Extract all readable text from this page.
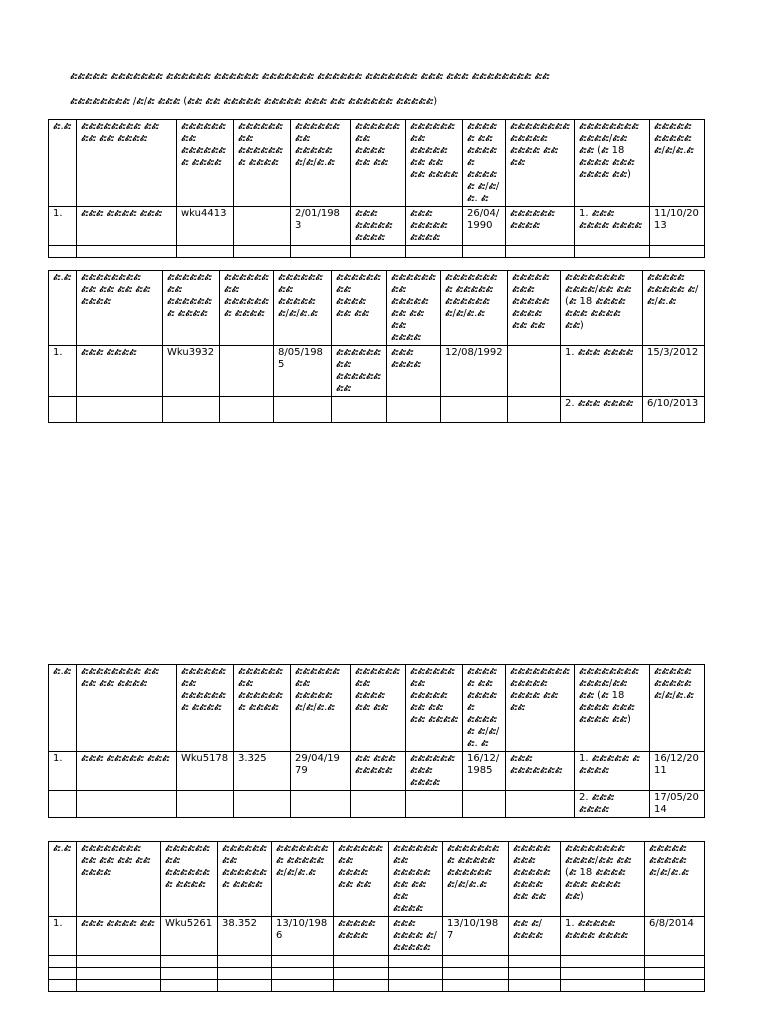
ᎈᎈᎈᎈᎈ ᎈᎈᎈᎈᎈᎈᎈ ᎈᎈᎈᎈᎈᎈ ᎈᎈᎈᎈᎈᎈ ᎈᎈᎈᎈᎈᎈᎈ ᎈᎈᎈᎈᎈᎈ ᎈᎈᎈᎈᎈᎈᎈ ᎈᎈᎈ ᎈᎈᎈ ᎈᎈᎈᎈᎈᎈᎈᎈ ᎈᎈ
ᎈᎈᎈᎈᎈᎈᎈᎈ /ᎈ/ᎈ ᎈᎈᎈ (ᎈᎈ ᎈᎈ ᎈᎈᎈᎈᎈ ᎈᎈᎈᎈᎈ ᎈᎈᎈ ᎈᎈ ᎈᎈᎈᎈᎈᎈ ᎈᎈᎈᎈᎈ)
ᎈ.ᎈ	ᎈᎈᎈᎈᎈᎈᎈᎈ ᎈᎈ ᎈᎈ ᎈᎈ ᎈᎈᎈᎈ	ᎈᎈᎈᎈᎈᎈᎈᎈ ᎈᎈᎈᎈᎈᎈᎈ ᎈᎈᎈᎈ	ᎈᎈᎈᎈᎈᎈᎈᎈ ᎈᎈᎈᎈᎈᎈᎈ ᎈᎈᎈᎈ	ᎈᎈᎈᎈᎈᎈᎈᎈ ᎈᎈᎈᎈᎈ ᎈ/ᎈ/ᎈ.ᎈ	ᎈᎈᎈᎈᎈᎈᎈᎈ ᎈᎈᎈᎈ ᎈᎈ ᎈᎈ	ᎈᎈᎈᎈᎈᎈᎈᎈ ᎈᎈᎈᎈᎈ ᎈᎈ ᎈᎈ ᎈᎈ ᎈᎈᎈᎈ	ᎈᎈᎈᎈᎈ ᎈᎈ ᎈᎈᎈᎈᎈ ᎈᎈᎈᎈᎈ ᎈ/ᎈ/ᎈ. ᎈ	ᎈᎈᎈᎈᎈᎈᎈᎈ ᎈᎈᎈᎈᎈ ᎈᎈᎈᎈ ᎈᎈ ᎈᎈ	ᎈᎈᎈᎈᎈᎈᎈᎈ ᎈᎈᎈᎈ/ᎈᎈ ᎈᎈ (ᎈ 18 ᎈᎈᎈᎈ ᎈᎈᎈ ᎈᎈᎈᎈ ᎈᎈ)	ᎈᎈᎈᎈᎈ ᎈᎈᎈᎈᎈ ᎈ/ᎈ/ᎈ.ᎈ
1.	ᎈᎈᎈ ᎈᎈᎈᎈ ᎈᎈᎈ	wku4413		2/01/1983	ᎈᎈᎈ ᎈᎈᎈᎈᎈ ᎈᎈᎈᎈ	ᎈᎈᎈ ᎈᎈᎈᎈᎈ ᎈᎈᎈᎈ	26/04/1990	ᎈᎈᎈᎈᎈᎈ ᎈᎈᎈᎈ	1. ᎈᎈᎈ ᎈᎈᎈᎈ ᎈᎈᎈᎈ	11/10/2013

ᎈ.ᎈ	ᎈᎈᎈᎈᎈᎈᎈᎈ ᎈᎈ ᎈᎈ ᎈᎈ ᎈᎈ ᎈᎈᎈᎈ	ᎈᎈᎈᎈᎈᎈᎈᎈ ᎈᎈᎈᎈᎈᎈᎈ ᎈᎈᎈᎈ	ᎈᎈᎈᎈᎈᎈᎈᎈ ᎈᎈᎈᎈᎈᎈᎈ ᎈᎈᎈᎈ	ᎈᎈᎈᎈᎈᎈᎈᎈ ᎈᎈᎈᎈᎈ ᎈ/ᎈ/ᎈ.ᎈ	ᎈᎈᎈᎈᎈᎈᎈᎈ ᎈᎈᎈᎈ ᎈᎈ ᎈᎈ	ᎈᎈᎈᎈᎈᎈᎈᎈ ᎈᎈᎈᎈᎈ ᎈᎈ ᎈᎈ ᎈᎈ ᎈᎈᎈᎈ	ᎈᎈᎈᎈᎈᎈᎈᎈ ᎈᎈᎈᎈᎈ ᎈᎈᎈᎈᎈᎈ ᎈ/ᎈ/ᎈ.ᎈ	ᎈᎈᎈᎈᎈᎈᎈᎈ ᎈᎈᎈᎈᎈ ᎈᎈᎈᎈ ᎈᎈ ᎈᎈ	ᎈᎈᎈᎈᎈᎈᎈᎈ ᎈᎈᎈᎈ/ᎈᎈ ᎈᎈ (ᎈ 18 ᎈᎈᎈᎈ ᎈᎈᎈ ᎈᎈᎈᎈ ᎈᎈ)	ᎈᎈᎈᎈᎈ ᎈᎈᎈᎈᎈ ᎈ/ᎈ/ᎈ.ᎈ
1.	ᎈᎈᎈ ᎈᎈᎈᎈ	Wku3932		8/05/1985	ᎈᎈᎈᎈᎈᎈᎈᎈ ᎈᎈᎈᎈᎈᎈᎈᎈ	ᎈᎈᎈ ᎈᎈᎈᎈ	12/08/1992		1. ᎈᎈᎈ ᎈᎈᎈᎈ	15/3/2012
									2. ᎈᎈᎈ ᎈᎈᎈᎈ	6/10/2013
ᎈ.ᎈ	ᎈᎈᎈᎈᎈᎈᎈᎈ ᎈᎈ ᎈᎈ ᎈᎈ ᎈᎈᎈᎈ	ᎈᎈᎈᎈᎈᎈᎈᎈ ᎈᎈᎈᎈᎈᎈᎈ ᎈᎈᎈᎈ	ᎈᎈᎈᎈᎈᎈᎈᎈ ᎈᎈᎈᎈᎈᎈᎈ ᎈᎈᎈᎈ	ᎈᎈᎈᎈᎈᎈᎈᎈ ᎈᎈᎈᎈᎈ ᎈ/ᎈ/ᎈ.ᎈ	ᎈᎈᎈᎈᎈᎈᎈᎈ ᎈᎈᎈᎈ ᎈᎈ ᎈᎈ	ᎈᎈᎈᎈᎈᎈᎈᎈ ᎈᎈᎈᎈᎈ ᎈᎈ ᎈᎈ ᎈᎈ ᎈᎈᎈᎈ	ᎈᎈᎈᎈᎈ ᎈᎈ ᎈᎈᎈᎈᎈ ᎈᎈᎈᎈᎈ ᎈ/ᎈ/ᎈ. ᎈ	ᎈᎈᎈᎈᎈᎈᎈᎈ ᎈᎈᎈᎈᎈ ᎈᎈᎈᎈ ᎈᎈ ᎈᎈ	ᎈᎈᎈᎈᎈᎈᎈᎈ ᎈᎈᎈᎈ/ᎈᎈ ᎈᎈ (ᎈ 18 ᎈᎈᎈᎈ ᎈᎈᎈ ᎈᎈᎈᎈ ᎈᎈ)	ᎈᎈᎈᎈᎈ ᎈᎈᎈᎈᎈ ᎈ/ᎈ/ᎈ.ᎈ
1.	ᎈᎈᎈ ᎈᎈᎈᎈᎈ ᎈᎈᎈ	Wku5178	3.325	29/04/1979	ᎈᎈ ᎈᎈᎈ ᎈᎈᎈᎈᎈ	ᎈᎈᎈᎈᎈᎈ ᎈᎈᎈ ᎈᎈᎈᎈ	16/12/1985	ᎈᎈᎈ ᎈᎈᎈᎈᎈᎈᎈ	1. ᎈᎈᎈᎈᎈ ᎈ ᎈᎈᎈᎈ	16/12/2011
									2. ᎈᎈᎈ ᎈᎈᎈᎈ	17/05/2014
ᎈ.ᎈ	ᎈᎈᎈᎈᎈᎈᎈᎈ ᎈᎈ ᎈᎈ ᎈᎈ ᎈᎈ ᎈᎈᎈᎈ	ᎈᎈᎈᎈᎈᎈᎈᎈ ᎈᎈᎈᎈᎈᎈᎈ ᎈᎈᎈᎈ	ᎈᎈᎈᎈᎈᎈᎈᎈ ᎈᎈᎈᎈᎈᎈᎈ ᎈᎈᎈᎈ	ᎈᎈᎈᎈᎈᎈᎈᎈ ᎈᎈᎈᎈᎈ ᎈ/ᎈ/ᎈ.ᎈ	ᎈᎈᎈᎈᎈᎈᎈᎈ ᎈᎈᎈᎈ ᎈᎈ ᎈᎈ	ᎈᎈᎈᎈᎈᎈᎈᎈ ᎈᎈᎈᎈᎈ ᎈᎈ ᎈᎈ ᎈᎈ ᎈᎈᎈᎈ	ᎈᎈᎈᎈᎈᎈᎈᎈ ᎈᎈᎈᎈᎈ ᎈᎈᎈᎈᎈᎈ ᎈ/ᎈ/ᎈ.ᎈ	ᎈᎈᎈᎈᎈᎈᎈᎈ ᎈᎈᎈᎈᎈ ᎈᎈᎈᎈ ᎈᎈ ᎈᎈ	ᎈᎈᎈᎈᎈᎈᎈᎈ ᎈᎈᎈᎈ/ᎈᎈ ᎈᎈ (ᎈ 18 ᎈᎈᎈᎈ ᎈᎈᎈ ᎈᎈᎈᎈ ᎈᎈ)	ᎈᎈᎈᎈᎈ ᎈᎈᎈᎈᎈ ᎈ/ᎈ/ᎈ.ᎈ
1.	ᎈᎈᎈ ᎈᎈᎈᎈ ᎈᎈ	Wku5261	38.352	13/10/1986	ᎈᎈᎈᎈᎈ ᎈᎈᎈᎈ	ᎈᎈᎈ ᎈᎈᎈᎈ ᎈ/ᎈᎈᎈᎈᎈ	13/10/1987	ᎈᎈ ᎈ/ᎈᎈᎈᎈ	1. ᎈᎈᎈᎈᎈ ᎈᎈᎈᎈ ᎈᎈᎈᎈ	6/8/2014
